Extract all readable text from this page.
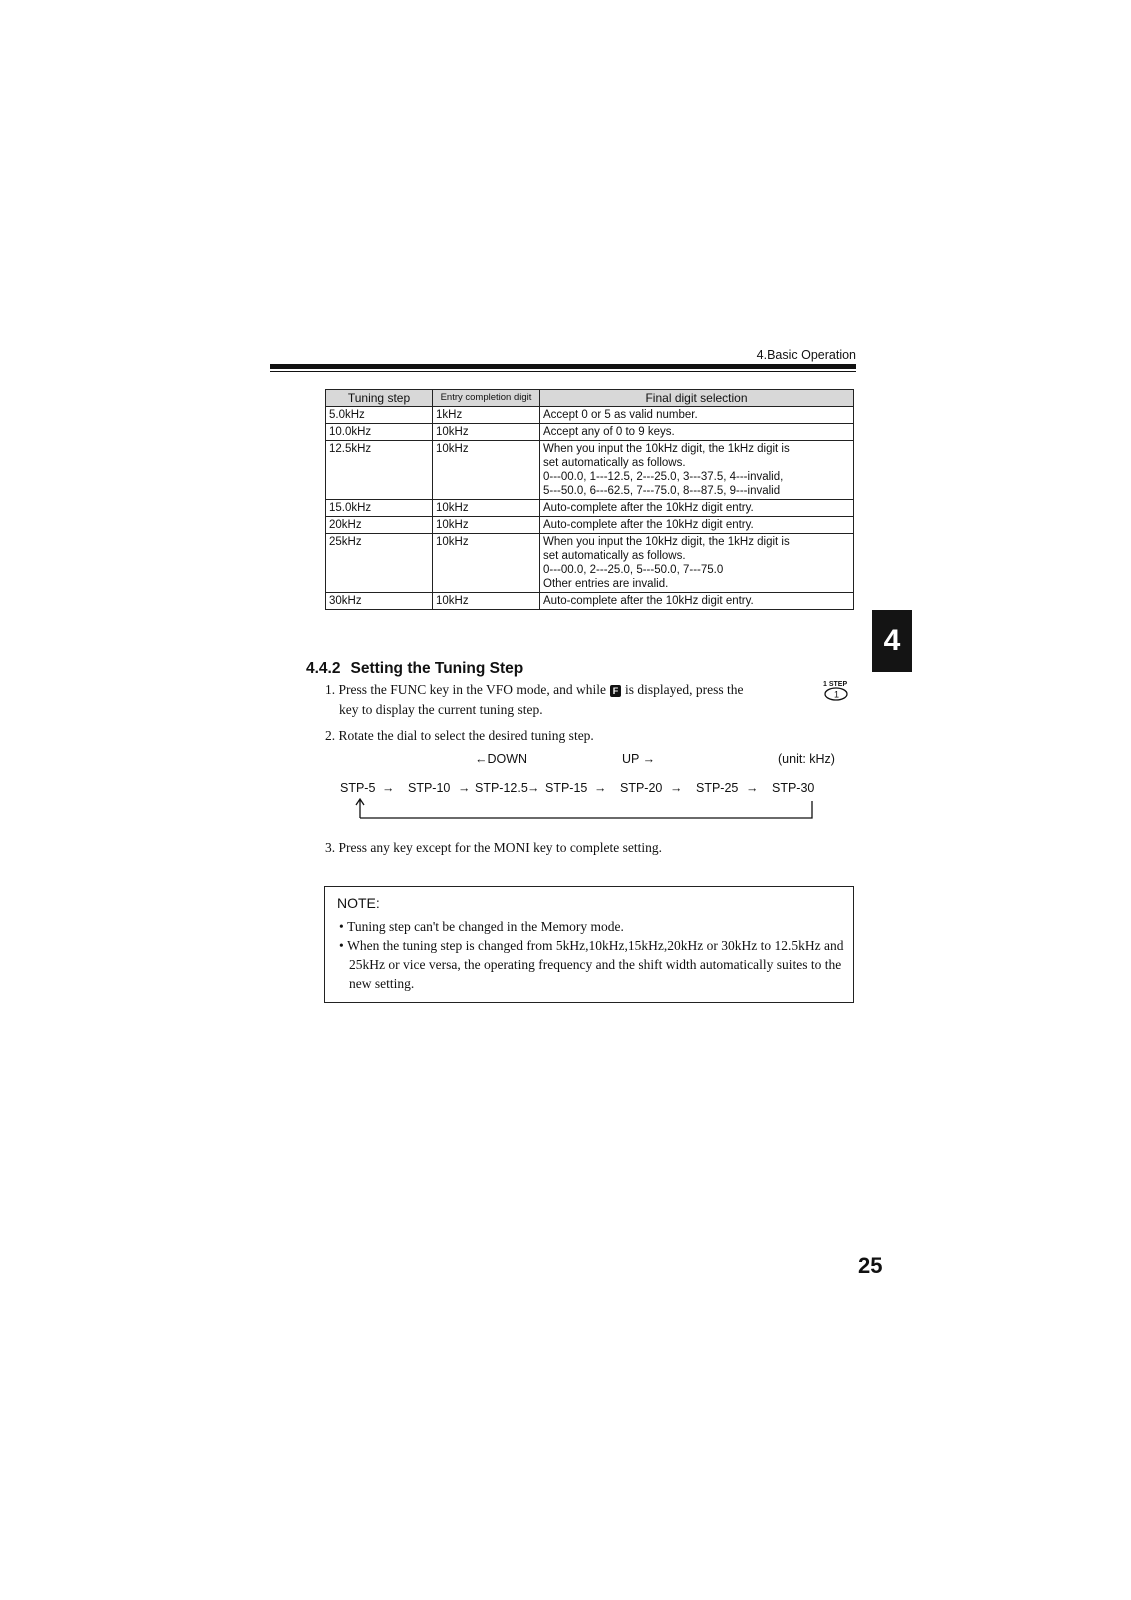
4.Basic Operation
Tuning step	Entry completion digit	Final digit selection
5.0kHz	1kHz	Accept 0 or 5 as valid number.

10.0kHz	10kHz	Accept any of 0 to 9 keys.

12.5kHz	10kHz	When you input the 10kHz digit, the 1kHz digit is
set automatically as follows.
0---00.0, 1---12.5, 2---25.0, 3---37.5, 4---invalid,
5---50.0, 6---62.5, 7---75.0, 8---87.5, 9---invalid

15.0kHz	10kHz	Auto-complete after the 10kHz digit entry.

20kHz	10kHz	Auto-complete after the 10kHz digit entry.

25kHz	10kHz	When you input the 10kHz digit, the 1kHz digit is
set automatically as follows.
0---00.0, 2---25.0, 5---50.0, 7---75.0
Other entries are invalid.

30kHz	10kHz	Auto-complete after the 10kHz digit entry.
4.4.2 Setting the Tuning Step
1. Press the FUNC key in the VFO mode, and while F is displayed, press the
key to display the current tuning step.
1 STEP
1
2. Rotate the dial to select the desired tuning step.
←DOWN	UP →	(unit: kHz)
STP-5 → STP-10 → STP-12.5 → STP-15 → STP-20 → STP-25 → STP-30
3. Press any key except for the MONI key to complete setting.
NOTE:
• Tuning step can't be changed in the Memory mode.
• When the tuning step is changed from 5kHz,10kHz,15kHz,20kHz or 30kHz to 12.5kHz and 25kHz or vice versa, the operating frequency and the shift width automatically suites to the new setting.
4
25
